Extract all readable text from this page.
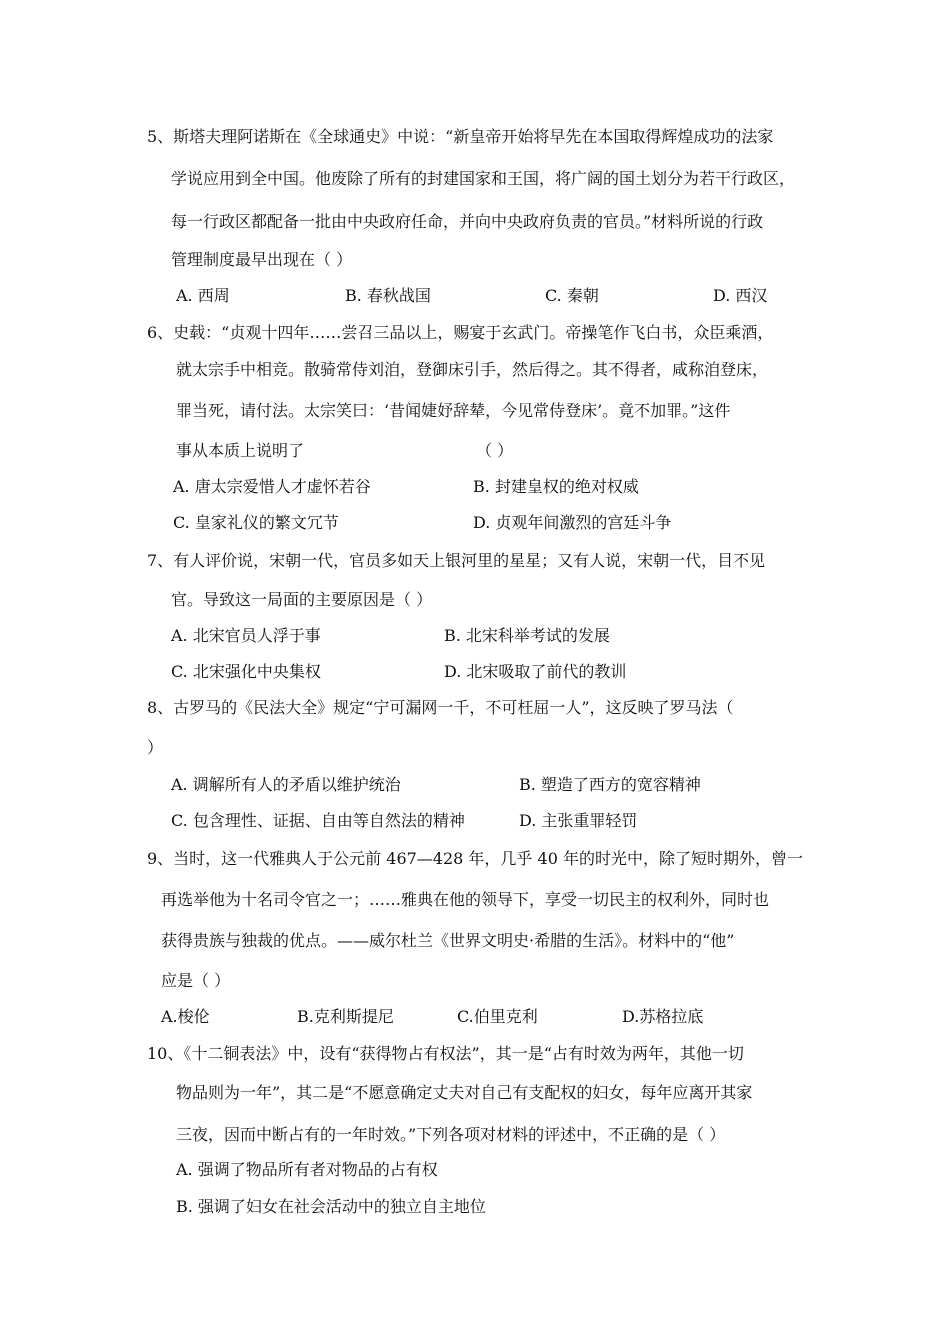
5、斯塔夫理阿诺斯在《全球通史》中说：“新皇帝开始将早先在本国取得辉煌成功的法家
学说应用到全中国。他废除了所有的封建国家和王国，将广阔的国土划分为若干行政区，
每一行政区都配备一批由中央政府任命，并向中央政府负责的官员。”材料所说的行政
管理制度最早出现在（ ）
A. 西周	B. 春秋战国	C. 秦朝	D. 西汉
6、史载：“贞观十四年……尝召三品以上，赐宴于玄武门。帝操笔作飞白书，众臣乘酒，
就太宗手中相竞。散骑常侍刘洎，登御床引手，然后得之。其不得者，咸称洎登床，
罪当死，请付法。太宗笑曰：‘昔闻婕妤辞辇，今见常侍登床’。竟不加罪。”这件
事从本质上说明了	（ ）
A. 唐太宗爱惜人才虚怀若谷	B. 封建皇权的绝对权威
C. 皇家礼仪的繁文冗节	D. 贞观年间激烈的宫廷斗争
7、有人评价说，宋朝一代，官员多如天上银河里的星星；又有人说，宋朝一代，目不见
官。导致这一局面的主要原因是（ ）
A. 北宋官员人浮于事	B. 北宋科举考试的发展
C. 北宋强化中央集权	D. 北宋吸取了前代的教训
8、古罗马的《民法大全》规定“宁可漏网一千，不可枉屈一人”，这反映了罗马法（
）
A. 调解所有人的矛盾以维护统治	B. 塑造了西方的宽容精神
C. 包含理性、证据、自由等自然法的精神	D. 主张重罪轻罚
9、当时，这一代雅典人于公元前 467—428 年，几乎 40 年的时光中，除了短时期外，曾一
再选举他为十名司令官之一；……雅典在他的领导下，享受一切民主的权利外，同时也
获得贵族与独裁的优点。——威尔杜兰《世界文明史·希腊的生活》。材料中的“他”
应是（ ）
A.梭伦	B.克利斯提尼	C.伯里克利	D.苏格拉底
10、《十二铜表法》中，设有“获得物占有权法”，其一是“占有时效为两年，其他一切
物品则为一年”，其二是“不愿意确定丈夫对自己有支配权的妇女，每年应离开其家
三夜，因而中断占有的一年时效。”下列各项对材料的评述中，不正确的是（ ）
A. 强调了物品所有者对物品的占有权
B. 强调了妇女在社会活动中的独立自主地位
